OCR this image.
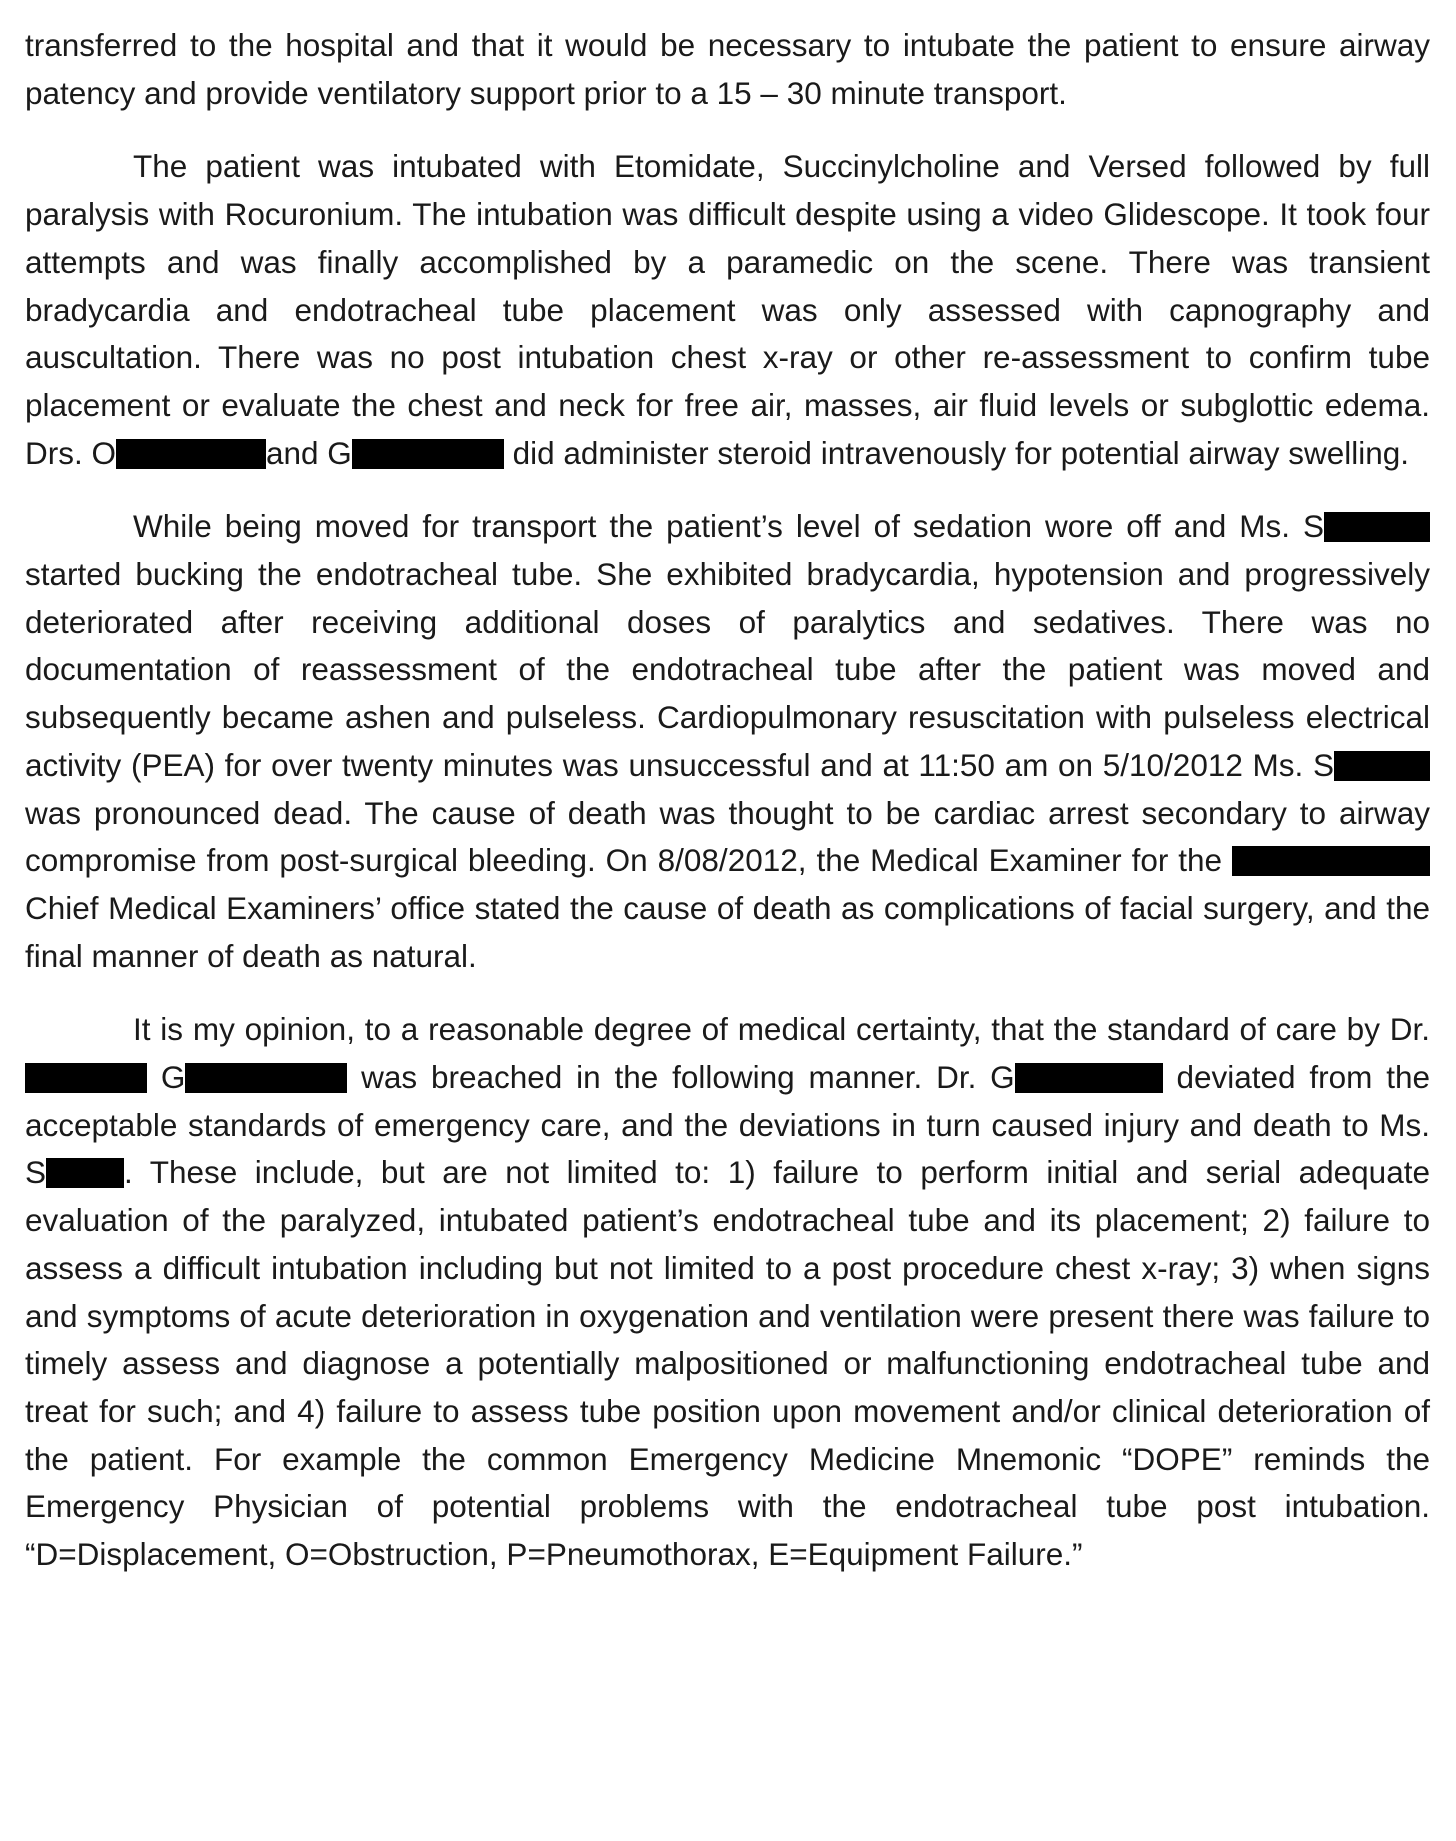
transferred to the hospital and that it would be necessary to intubate the patient to ensure airway patency and provide ventilatory support prior to a 15 – 30 minute transport.

The patient was intubated with Etomidate, Succinylcholine and Versed followed by full paralysis with Rocuronium. The intubation was difficult despite using a video Glidescope. It took four attempts and was finally accomplished by a paramedic on the scene. There was transient bradycardia and endotracheal tube placement was only assessed with capnography and auscultation. There was no post intubation chest x-ray or other re-assessment to confirm tube placement or evaluate the chest and neck for free air, masses, air fluid levels or subglottic edema. Drs. O	and G	did administer steroid intravenously for potential airway swelling.

While being moved for transport the patient’s level of sedation wore off and Ms. S started bucking the endotracheal tube. She exhibited bradycardia, hypotension and progressively deteriorated after receiving additional doses of paralytics and sedatives. There was no documentation of reassessment of the endotracheal tube after the patient was moved and subsequently became ashen and pulseless. Cardiopulmonary resuscitation with pulseless electrical activity (PEA) for over twenty minutes was unsuccessful and at 11:50 am on 5/10/2012 Ms. S was pronounced dead. The cause of death was thought to be cardiac arrest secondary to airway compromise from post-surgical bleeding. On 8/08/2012, the Medical Examiner for the  Chief Medical Examiners’ office stated the cause of death as complications of facial surgery, and the final manner of death as natural.

It is my opinion, to a reasonable degree of medical certainty, that the standard of care by Dr.  G	was breached in the following manner. Dr. G	deviated from the acceptable standards of emergency care, and the deviations in turn caused injury and death to Ms. S . These include, but are not limited to: 1) failure to perform initial and serial adequate evaluation of the paralyzed, intubated patient’s endotracheal tube and its placement; 2) failure to assess a difficult intubation including but not limited to a post procedure chest x-ray; 3) when signs and symptoms of acute deterioration in oxygenation and ventilation were present there was failure to timely assess and diagnose a potentially malpositioned or malfunctioning endotracheal tube and treat for such; and 4) failure to assess tube position upon movement and/or clinical deterioration of the patient. For example the common Emergency Medicine Mnemonic “DOPE” reminds the Emergency Physician of potential problems with the endotracheal tube post intubation. “D=Displacement, O=Obstruction, P=Pneumothorax, E=Equipment Failure.”
